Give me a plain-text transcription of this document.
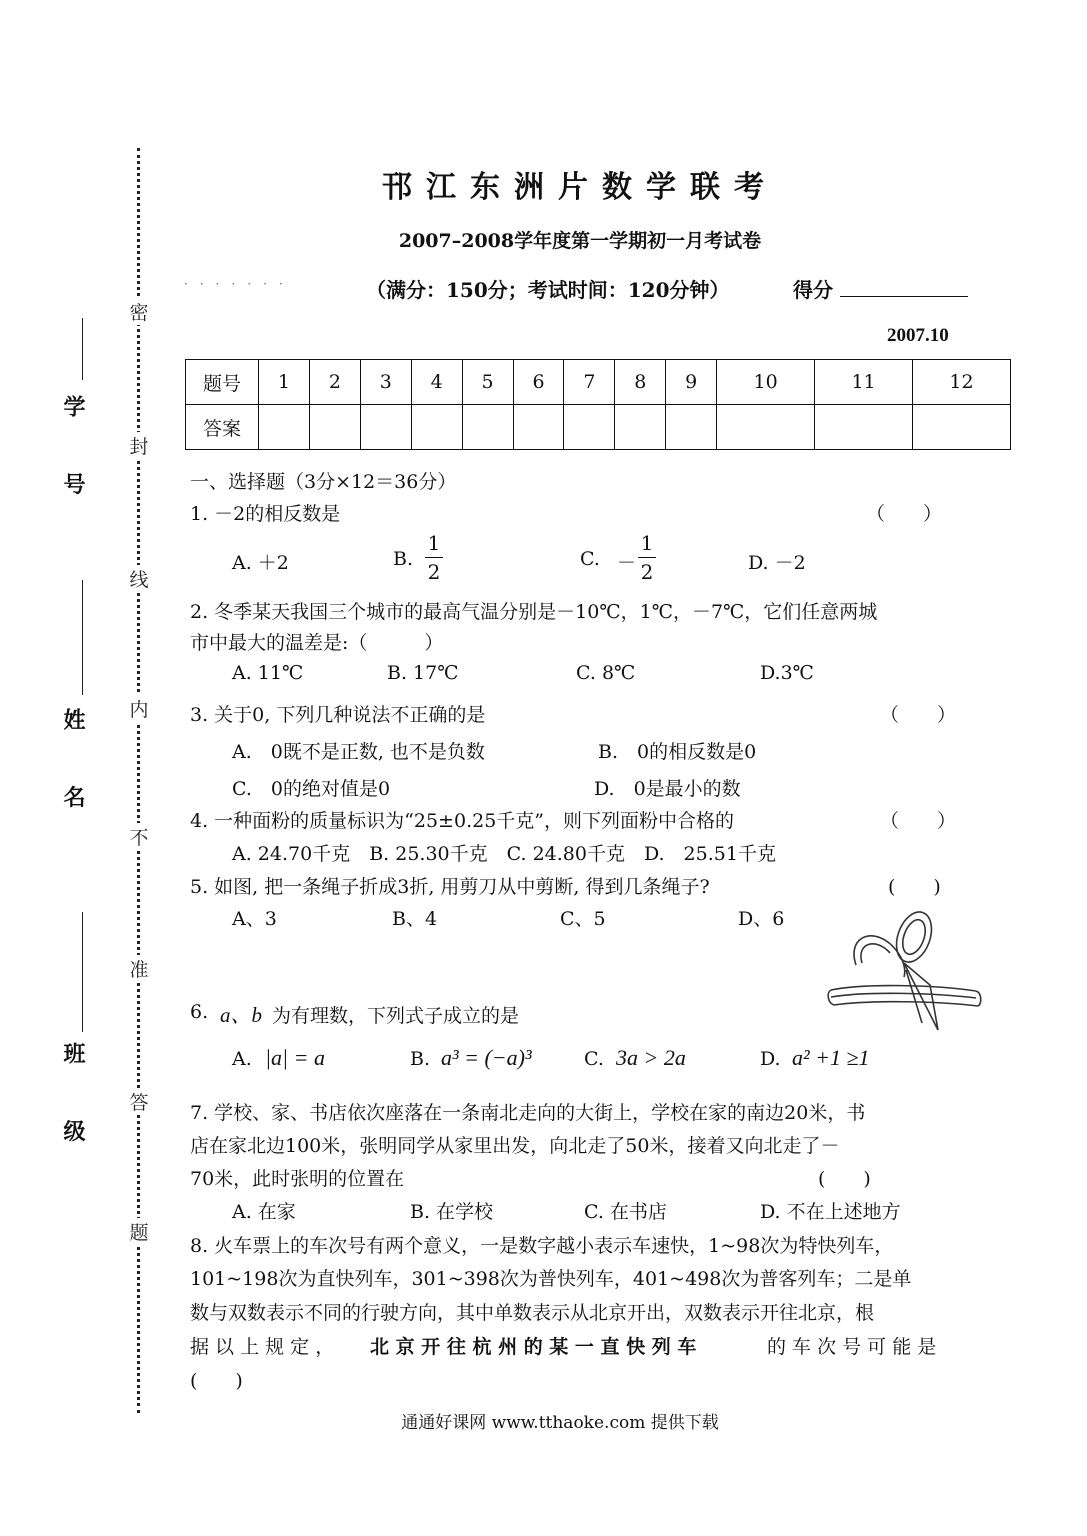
密
封
线
内
不
准
答
题
学 号
姓 名
班 级
邗江东洲片数学联考
2007–2008学年度第一学期初一月考试卷
·······	（满分：150分；考试时间：120分钟）	得分
2007.10
题号	1	2	3	4	5	6	7	8	9	10	11	12
答案												
一、选择题（3分×12＝36分）
1. －2的相反数是	（　　）
A. ＋2	B.
1
2
C. －
1
2	D. －2
2. 冬季某天我国三个城市的最高气温分别是－10℃，1℃，－7℃，它们任意两城
市中最大的温差是:（　　　）
A. 11℃	B. 17℃	C. 8℃	D.3℃
3. 关于0, 下列几种说法不正确的是	（　　）
A.　0既不是正数, 也不是负数	B.　0的相反数是0
C.　0的绝对值是0	D.　0是最小的数
4. 一种面粉的质量标识为“25±0.25千克”，则下列面粉中合格的	（　　）
A. 24.70千克　B. 25.30千克　C. 24.80千克　D.　25.51千克
5. 如图, 把一条绳子折成3折, 用剪刀从中剪断, 得到几条绳子?	(　　)
A、3	B、4	C、5	D、6
6. a、b 为有理数，下列式子成立的是
A. |a| = a	B. a³ = (−a)³	C. 3a > 2a	D. a² +1 ≥1
7. 学校、家、书店依次座落在一条南北走向的大街上，学校在家的南边20米，书
店在家北边100米，张明同学从家里出发，向北走了50米，接着又向北走了－
70米，此时张明的位置在	(　　)
A. 在家	B. 在学校	C. 在书店	D. 不在上述地方
8. 火车票上的车次号有两个意义，一是数字越小表示车速快，1~98次为特快列车，
101~198次为直快列车，301~398次为普快列车，401~498次为普客列车；二是单
数与双数表示不同的行驶方向，其中单数表示从北京开出，双数表示开往北京，根
据 以 上 规 定 ， 北 京 开 往 杭 州 的 某 一 直 快 列 车	的 车 次 号 可 能 是
(　　)
通通好课网 www.tthaoke.com 提供下载
